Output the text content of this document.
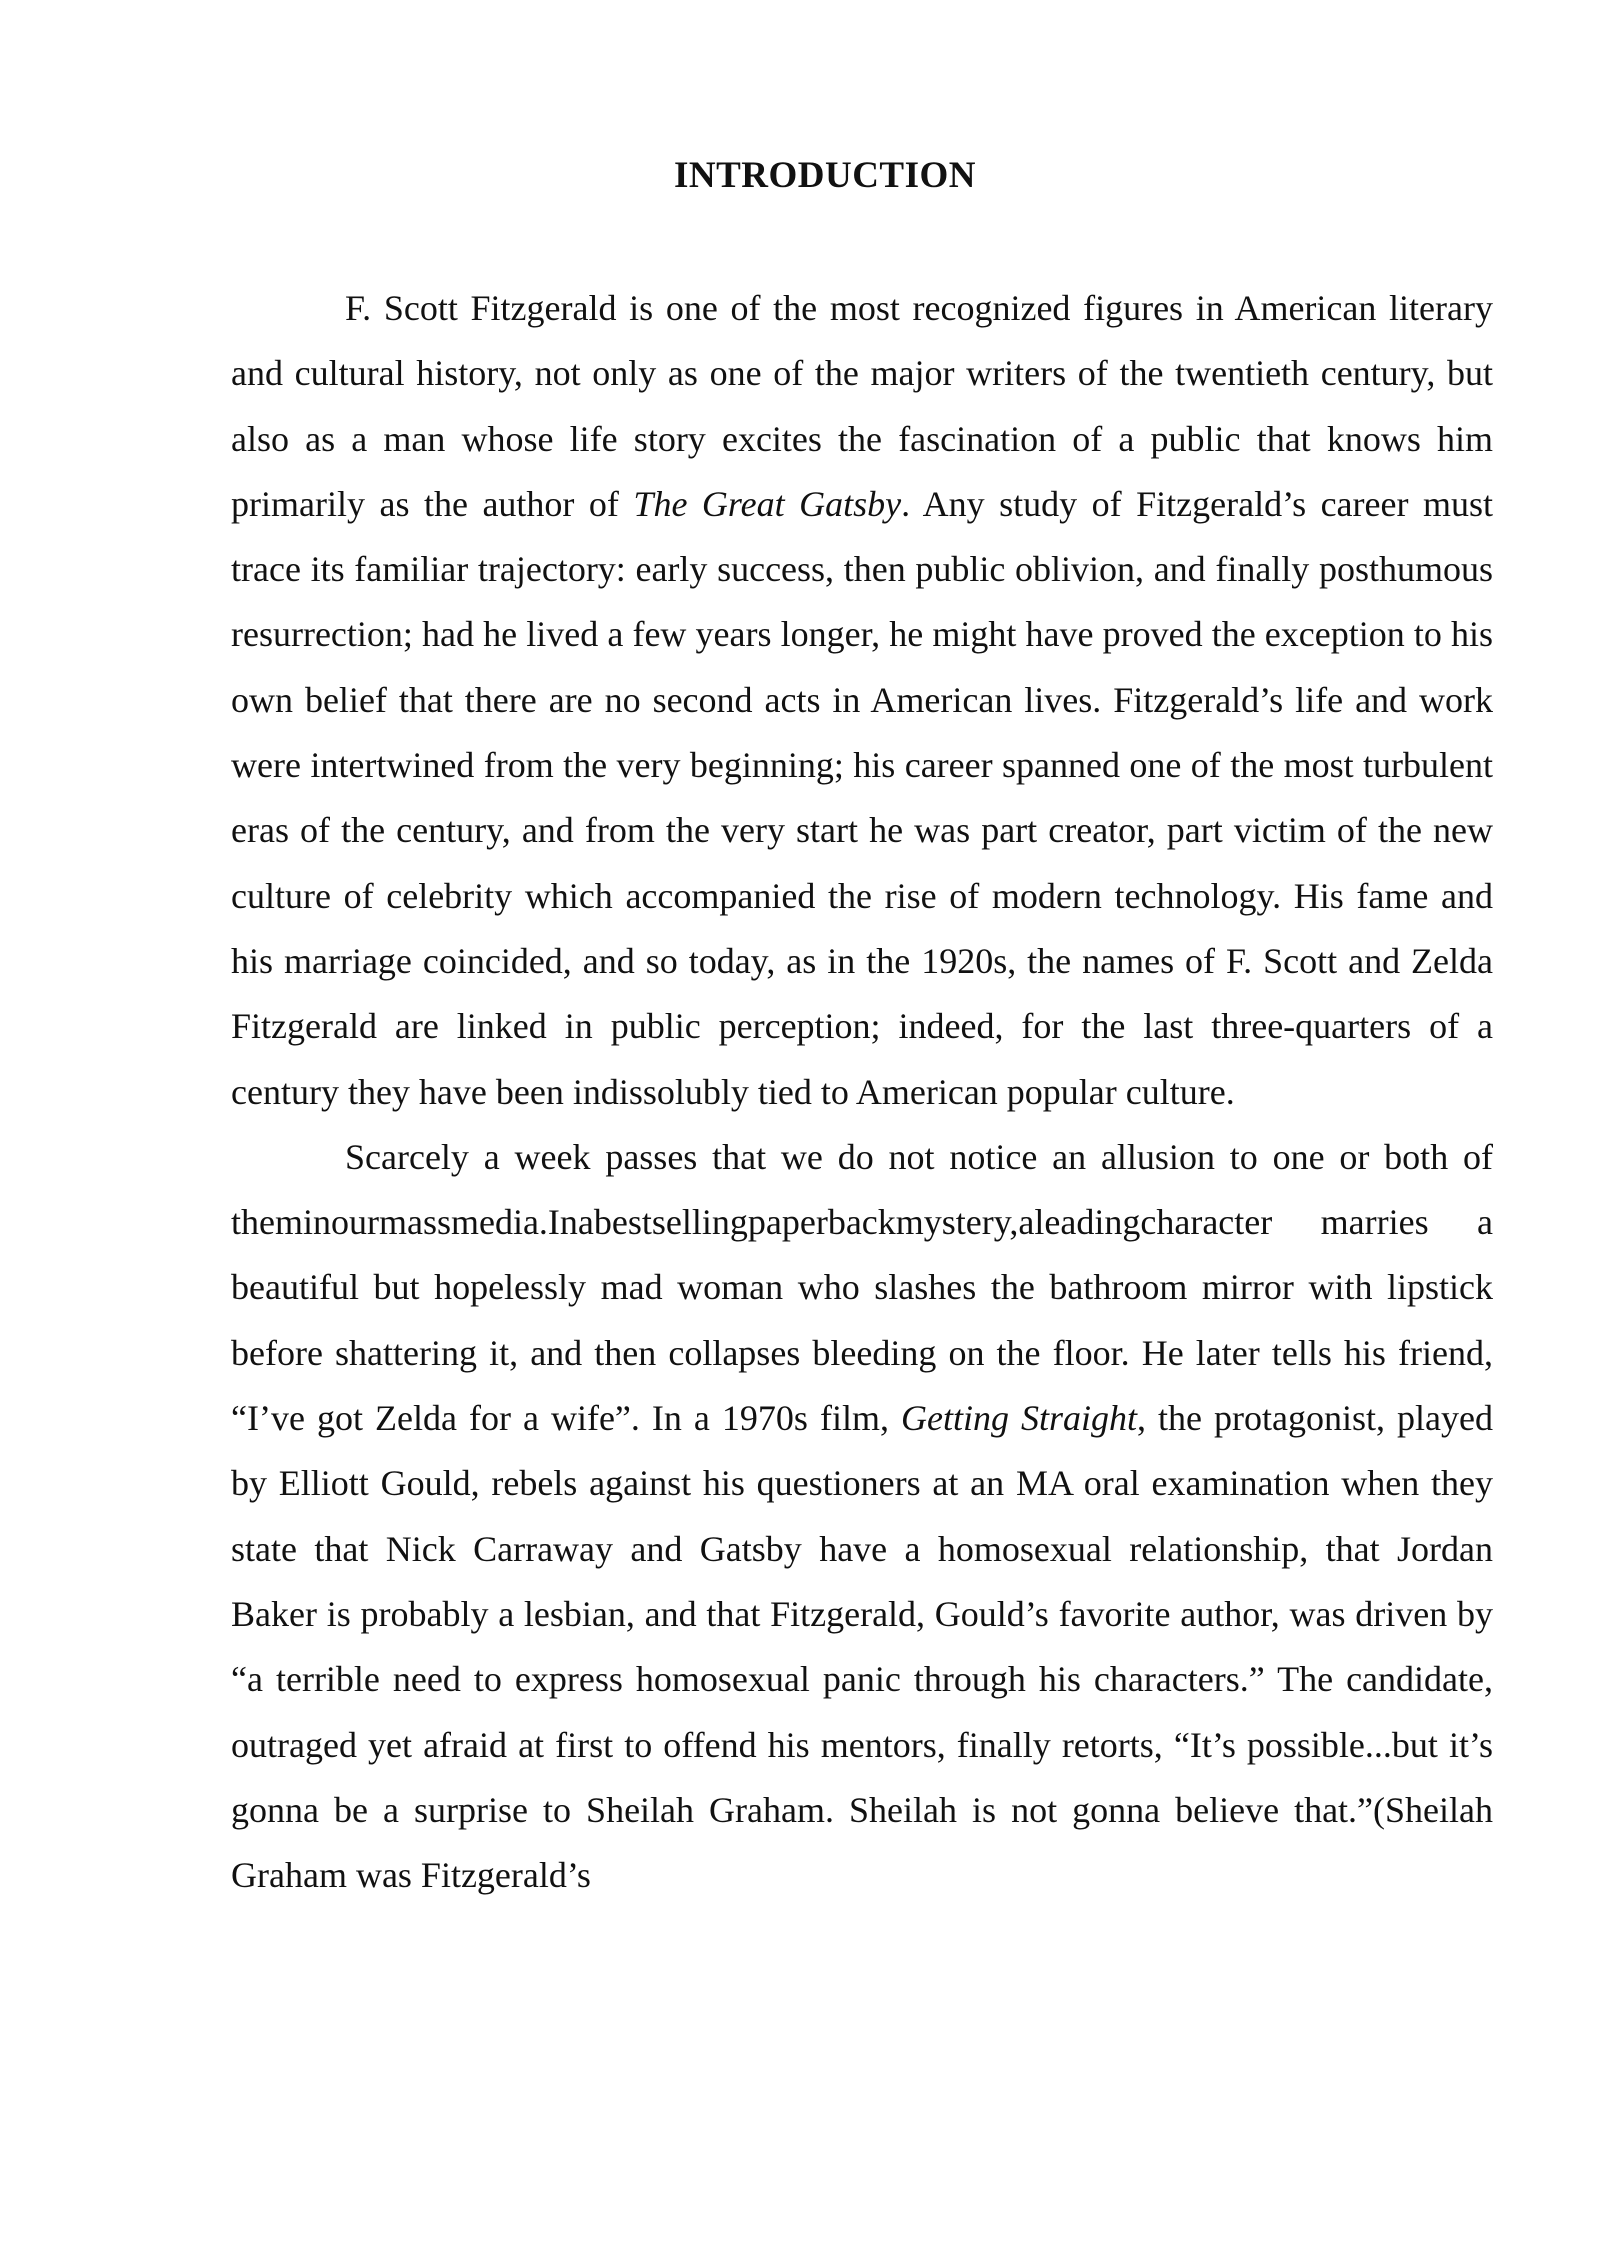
INTRODUCTION

F. Scott Fitzgerald is one of the most recognized figures in American literary and cultural history, not only as one of the major writers of the twentieth century, but also as a man whose life story excites the fascination of a public that knows him primarily as the author of The Great Gatsby. Any study of Fitzgerald’s career must trace its familiar trajectory: early success, then public oblivion, and finally posthumous resurrection; had he lived a few years longer, he might have proved the exception to his own belief that there are no second acts in American lives. Fitzgerald’s life and work were intertwined from the very beginning; his career spanned one of the most turbulent eras of the century, and from the very start he was part creator, part victim of the new culture of celebrity which accompanied the rise of modern technology. His fame and his marriage coincided, and so today, as in the 1920s, the names of F. Scott and Zelda Fitzgerald are linked in public perception; indeed, for the last three-quarters of a century they have been indissolubly tied to American popular culture.

Scarcely a week passes that we do not notice an allusion to one or both of theminourmassmedia.Inabestsellingpaperbackmystery,aleadingcharacter marries a beautiful but hopelessly mad woman who slashes the bathroom mirror with lipstick before shattering it, and then collapses bleeding on the floor. He later tells his friend, “I’ve got Zelda for a wife”. In a 1970s film, Getting Straight, the protagonist, played by Elliott Gould, rebels against his questioners at an MA oral examination when they state that Nick Carraway and Gatsby have a homosexual relationship, that Jordan Baker is probably a lesbian, and that Fitzgerald, Gould’s favorite author, was driven by “a terrible need to express homosexual panic through his characters.” The candidate, outraged yet afraid at first to offend his mentors, finally retorts, “It’s possible...but it’s gonna be a surprise to Sheilah Graham. Sheilah is not gonna believe that.”(Sheilah Graham was Fitzgerald’s
